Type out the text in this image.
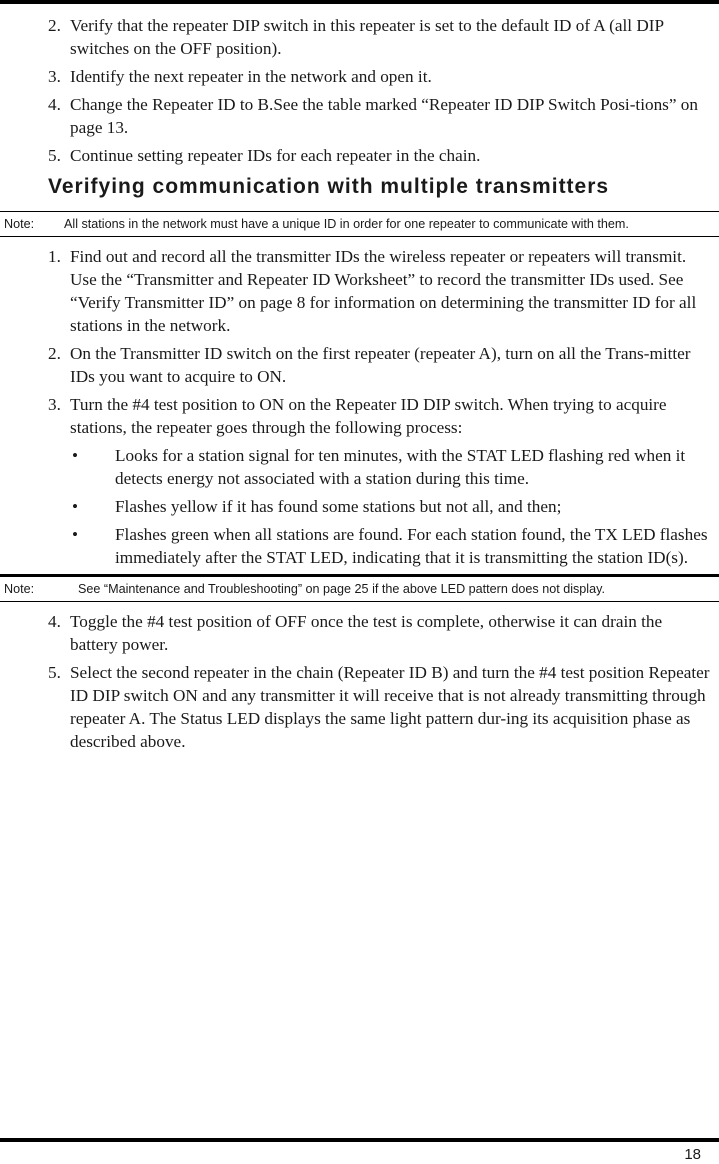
2. Verify that the repeater DIP switch in this repeater is set to the default ID of A (all DIP switches on the OFF position).
3. Identify the next repeater in the network and open it.
4. Change the Repeater ID to B.See the table marked “Repeater ID DIP Switch Posi-tions” on page 13.
5. Continue setting repeater IDs for each repeater in the chain.
Verifying communication with multiple transmitters
Note: All stations in the network must have a unique ID in order for one repeater to communicate with them.
1. Find out and record all the transmitter IDs the wireless repeater or repeaters will transmit. Use the “Transmitter and Repeater ID Worksheet” to record the transmitter IDs used. See “Verify Transmitter ID” on page 8 for information on determining the transmitter ID for all stations in the network.
2. On the Transmitter ID switch on the first repeater (repeater A), turn on all the Trans-mitter IDs you want to acquire to ON.
3. Turn the #4 test position to ON on the Repeater ID DIP switch. When trying to acquire stations, the repeater goes through the following process:
• Looks for a station signal for ten minutes, with the STAT LED flashing red when it detects energy not associated with a station during this time.
• Flashes yellow if it has found some stations but not all, and then;
• Flashes green when all stations are found. For each station found, the TX LED flashes immediately after the STAT LED, indicating that it is transmitting the station ID(s).
Note:	See “Maintenance and Troubleshooting” on page 25 if the above LED pattern does not display.
4. Toggle the #4 test position of OFF once the test is complete, otherwise it can drain the battery power.
5. Select the second repeater in the chain (Repeater ID B) and turn the #4 test position Repeater ID DIP switch ON and any transmitter it will receive that is not already transmitting through repeater A. The Status LED displays the same light pattern dur-ing its acquisition phase as described above.
18
